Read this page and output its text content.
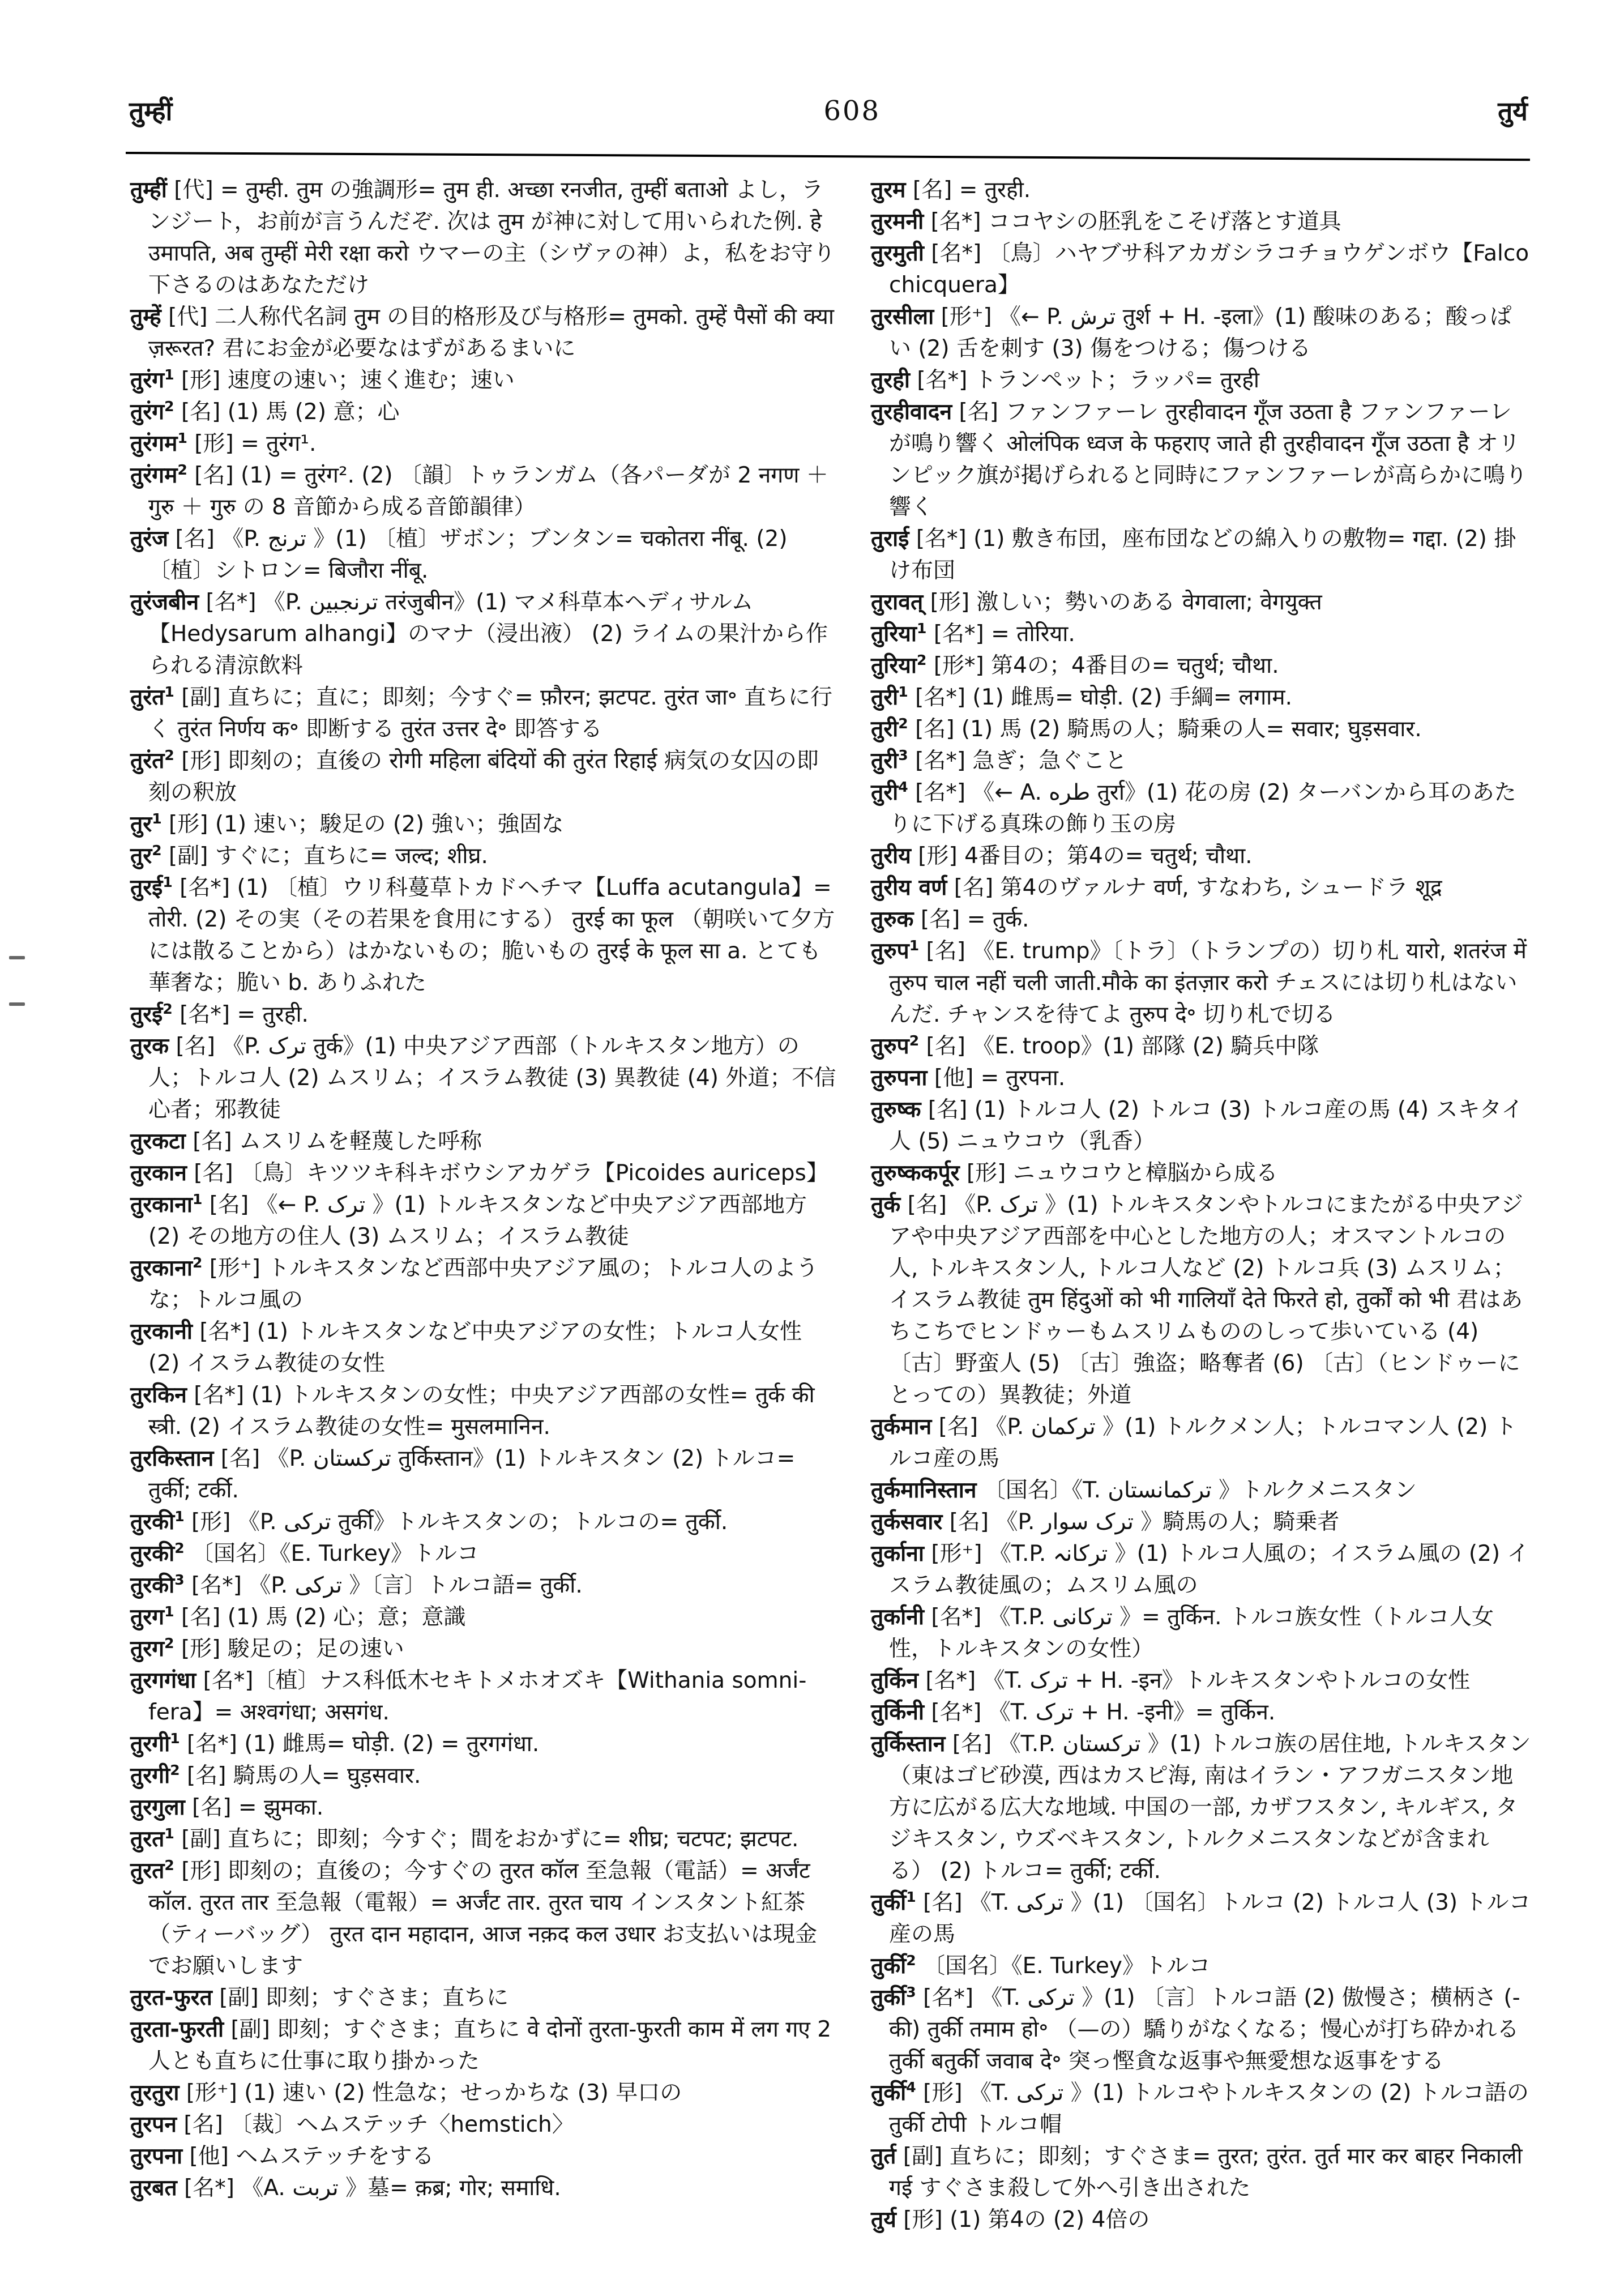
तुम्हीं	608	तुर्य
तुम्हीं [代] = तुम्ही. तुम の強調形= तुम ही. अच्छा रनजीत, तुम्हीं बताओ よし，ランジート，お前が言うんだぞ. 次は तुम が神に対して用いられた例. हे उमापति, अब तुम्हीं मेरी रक्षा करो ウマーの主（シヴァの神）よ，私をお守り下さるのはあなただけ
तुम्हें [代] 二人称代名詞 तुम の目的格形及び与格形= तुमको. तुम्हें पैसों की क्या ज़रूरत? 君にお金が必要なはずがあるまいに
तुरंग$^1$ [形] 速度の速い；速く進む；速い
तुरंग$^2$ [名] (1) 馬 (2) 意；心
तुरंगम$^1$ [形] = तुरंग¹.
तुरंगम$^2$ [名] (1) = तुरंग². (2) 〔韻〕トゥランガム（各パーダが 2 नगण ＋ गुरु ＋ गुरु の 8 音節から成る音節韻律）
तुरंज [名] 《P. ترنج 》(1) 〔植〕ザボン；ブンタン= चकोतरा नींबू. (2) 〔植〕シトロン= बिजौरा नींबू.
तुरंजबीन [名*] 《P. ترنجبین तरंजुबीन》(1) マメ科草本ヘディサルム【Hedysarum alhangi】のマナ（浸出液） (2) ライムの果汁から作られる清涼飲料
तुरंत$^1$ [副] 直ちに；直に；即刻；今すぐ= फ़ौरन; झटपट. तुरंत जा॰ 直ちに行く तुरंत निर्णय क॰ 即断する तुरंत उत्तर दे॰ 即答する
तुरंत$^2$ [形] 即刻の；直後の रोगी महिला बंदियों की तुरंत रिहाई 病気の女囚の即刻の釈放
तुर$^1$ [形] (1) 速い；駿足の (2) 強い；強固な
तुर$^2$ [副] すぐに；直ちに= जल्द; शीघ्र.
तुरई$^1$ [名*] (1) 〔植〕ウリ科蔓草トカドヘチマ【Luffa acutangula】= तोरी. (2) その実（その若果を食用にする） तुरई का फूल （朝咲いて夕方には散ることから）はかないもの；脆いもの तुरई के फूल सा a. とても華奢な；脆い b. ありふれた
तुरई$^2$ [名*] = तुरही.
तुरक [名] 《P. ترک तुर्क》(1) 中央アジア西部（トルキスタン地方）の人；トルコ人 (2) ムスリム；イスラム教徒 (3) 異教徒 (4) 外道；不信心者；邪教徒
तुरकटा [名] ムスリムを軽蔑した呼称
तुरकान [名] 〔鳥〕キツツキ科キボウシアカゲラ【Picoides auriceps】
तुरकाना$^1$ [名] 《← P. ترک 》(1) トルキスタンなど中央アジア西部地方 (2) その地方の住人 (3) ムスリム；イスラム教徒
तुरकाना$^2$ [形⁺] トルキスタンなど西部中央アジア風の；トルコ人のような；トルコ風の
तुरकानी [名*] (1) トルキスタンなど中央アジアの女性；トルコ人女性 (2) イスラム教徒の女性
तुरकिन [名*] (1) トルキスタンの女性；中央アジア西部の女性= तुर्क की स्त्री. (2) イスラム教徒の女性= मुसलमानिन.
तुरकिस्तान [名] 《P. ترکستان तुर्किस्तान》(1) トルキスタン (2) トルコ= तुर्की; टर्की.
तुरकी$^1$ [形] 《P. ترکی तुर्की》トルキスタンの；トルコの= तुर्की.
तुरकी$^2$ 〔国名〕《E. Turkey》トルコ
तुरकी$^3$ [名*] 《P. ترکی 》〔言〕トルコ語= तुर्की.
तुरग$^1$ [名] (1) 馬 (2) 心；意；意識
तुरग$^2$ [形] 駿足の；足の速い
तुरगगंधा [名*]〔植〕ナス科低木セキトメホオズキ【Withania somni-fera】= अश्वगंधा; असगंध.
तुरगी$^1$ [名*] (1) 雌馬= घोड़ी. (2) = तुरगगंधा.
तुरगी$^2$ [名] 騎馬の人= घुड़सवार.
तुरगुला [名] = झुमका.
तुरत$^1$ [副] 直ちに；即刻；今すぐ；間をおかずに= शीघ्र; चटपट; झटपट.
तुरत$^2$ [形] 即刻の；直後の；今すぐの तुरत कॉल 至急報（電話）= अर्जंट कॉल. तुरत तार 至急報（電報）= अर्जंट तार. तुरत चाय インスタント紅茶（ティーバッグ） तुरत दान महादान, आज नक़द कल उधार お支払いは現金でお願いします
तुरत-फुरत [副] 即刻；すぐさま；直ちに
तुरता-फुरती [副] 即刻；すぐさま；直ちに वे दोनों तुरता-फुरती काम में लग गए 2人とも直ちに仕事に取り掛かった
तुरतुरा [形⁺] (1) 速い (2) 性急な；せっかちな (3) 早口の
तुरपन [名] 〔裁〕ヘムステッチ〈hemstich〉
तुरपना [他] ヘムステッチをする
तुरबत [名*] 《A. تربت 》墓= क़ब्र; गोर; समाधि.
तुरम [名] = तुरही.
तुरमनी [名*] ココヤシの胚乳をこそげ落とす道具
तुरमुती [名*] 〔鳥〕ハヤブサ科アカガシラコチョウゲンボウ【Falco chicquera】
तुरसीला [形⁺] 《← P. ترش तुर्श + H. -इला》(1) 酸味のある；酸っぱい (2) 舌を刺す (3) 傷をつける；傷つける
तुरही [名*] トランペット；ラッパ= तुरही
तुरहीवादन [名] ファンファーレ तुरहीवादन गूँज उठता है ファンファーレが鳴り響く ओलंपिक ध्वज के फहराए जाते ही तुरहीवादन गूँज उठता है オリンピック旗が掲げられると同時にファンファーレが高らかに鳴り響く
तुराई [名*] (1) 敷き布団，座布団などの綿入りの敷物= गद्दा. (2) 掛け布団
तुरावत् [形] 激しい；勢いのある वेगवाला; वेगयुक्त
तुरिया$^1$ [名*] = तोरिया.
तुरिया$^2$ [形*] 第4の；4番目の= चतुर्थ; चौथा.
तुरी$^1$ [名*] (1) 雌馬= घोड़ी. (2) 手綱= लगाम.
तुरी$^2$ [名] (1) 馬 (2) 騎馬の人；騎乗の人= सवार; घुड़सवार.
तुरी$^3$ [名*] 急ぎ；急ぐこと
तुरी$^4$ [名*] 《← A. طره तुर्रा》(1) 花の房 (2) ターバンから耳のあたりに下げる真珠の飾り玉の房
तुरीय [形] 4番目の；第4の= चतुर्थ; चौथा.
तुरीय वर्ण [名] 第4のヴァルナ वर्ण, すなわち, シュードラ शूद्र
तुरुक [名] = तुर्क.
तुरुप$^1$ [名] 《E. trump》〔トラ〕（トランプの）切り札 यारो, शतरंज में तुरुप चाल नहीं चली जाती.मौके का इंतज़ार करो チェスには切り札はないんだ. チャンスを待てよ तुरुप दे॰ 切り札で切る
तुरुप$^2$ [名] 《E. troop》(1) 部隊 (2) 騎兵中隊
तुरुपना [他] = तुरपना.
तुरुष्क [名] (1) トルコ人 (2) トルコ (3) トルコ産の馬 (4) スキタイ人 (5) ニュウコウ（乳香）
तुरुष्ककर्पूर [形] ニュウコウと樟脳から成る
तुर्क [名] 《P. ترک 》(1) トルキスタンやトルコにまたがる中央アジアや中央アジア西部を中心とした地方の人；オスマントルコの人, トルキスタン人, トルコ人など (2) トルコ兵 (3) ムスリム；イスラム教徒 तुम हिंदुओं को भी गालियाँ देते फिरते हो, तुर्कों को भी 君はあちこちでヒンドゥーもムスリムもののしって歩いている (4) 〔古〕野蛮人 (5) 〔古〕強盗；略奪者 (6) 〔古〕（ヒンドゥーにとっての）異教徒；外道
तुर्कमान [名] 《P. ترکمان 》(1) トルクメン人；トルコマン人 (2) トルコ産の馬
तुर्कमानिस्तान 〔国名〕《T. ترکمانستان 》トルクメニスタン
तुर्कसवार [名] 《P. ترک سوار 》騎馬の人；騎乗者
तुर्काना [形⁺] 《T.P. ترکانہ 》(1) トルコ人風の；イスラム風の (2) イスラム教徒風の；ムスリム風の
तुर्कानी [名*] 《T.P. ترکانی 》= तुर्किन. トルコ族女性（トルコ人女性，トルキスタンの女性）
तुर्किन [名*] 《T. ترک + H. -इन》トルキスタンやトルコの女性
तुर्किनी [名*] 《T. ترک + H. -इनी》= तुर्किन.
तुर्किस्तान [名] 《T.P. ترکستان 》(1) トルコ族の居住地, トルキスタン（東はゴビ砂漠, 西はカスピ海, 南はイラン・アフガニスタン地方に広がる広大な地域. 中国の一部, カザフスタン, キルギス, タジキスタン, ウズベキスタン, トルクメニスタンなどが含まれる） (2) トルコ= तुर्की; टर्की.
तुर्की$^1$ [名] 《T. ترکی 》(1) 〔国名〕トルコ (2) トルコ人 (3) トルコ産の馬
तुर्की$^2$ 〔国名〕《E. Turkey》トルコ
तुर्की$^3$ [名*] 《T. ترکی 》(1) 〔言〕トルコ語 (2) 傲慢さ；横柄さ (-की) तुर्की तमाम हो॰ （—の）驕りがなくなる；慢心が打ち砕かれる तुर्की बतुर्की जवाब दे॰ 突っ慳貪な返事や無愛想な返事をする
तुर्की$^4$ [形] 《T. ترکی 》(1) トルコやトルキスタンの (2) トルコ語の तुर्की टोपी トルコ帽
तुर्त [副] 直ちに；即刻；すぐさま= तुरत; तुरंत. तुर्त मार कर बाहर निकाली गई すぐさま殺して外へ引き出された
तुर्य [形] (1) 第4の (2) 4倍の
